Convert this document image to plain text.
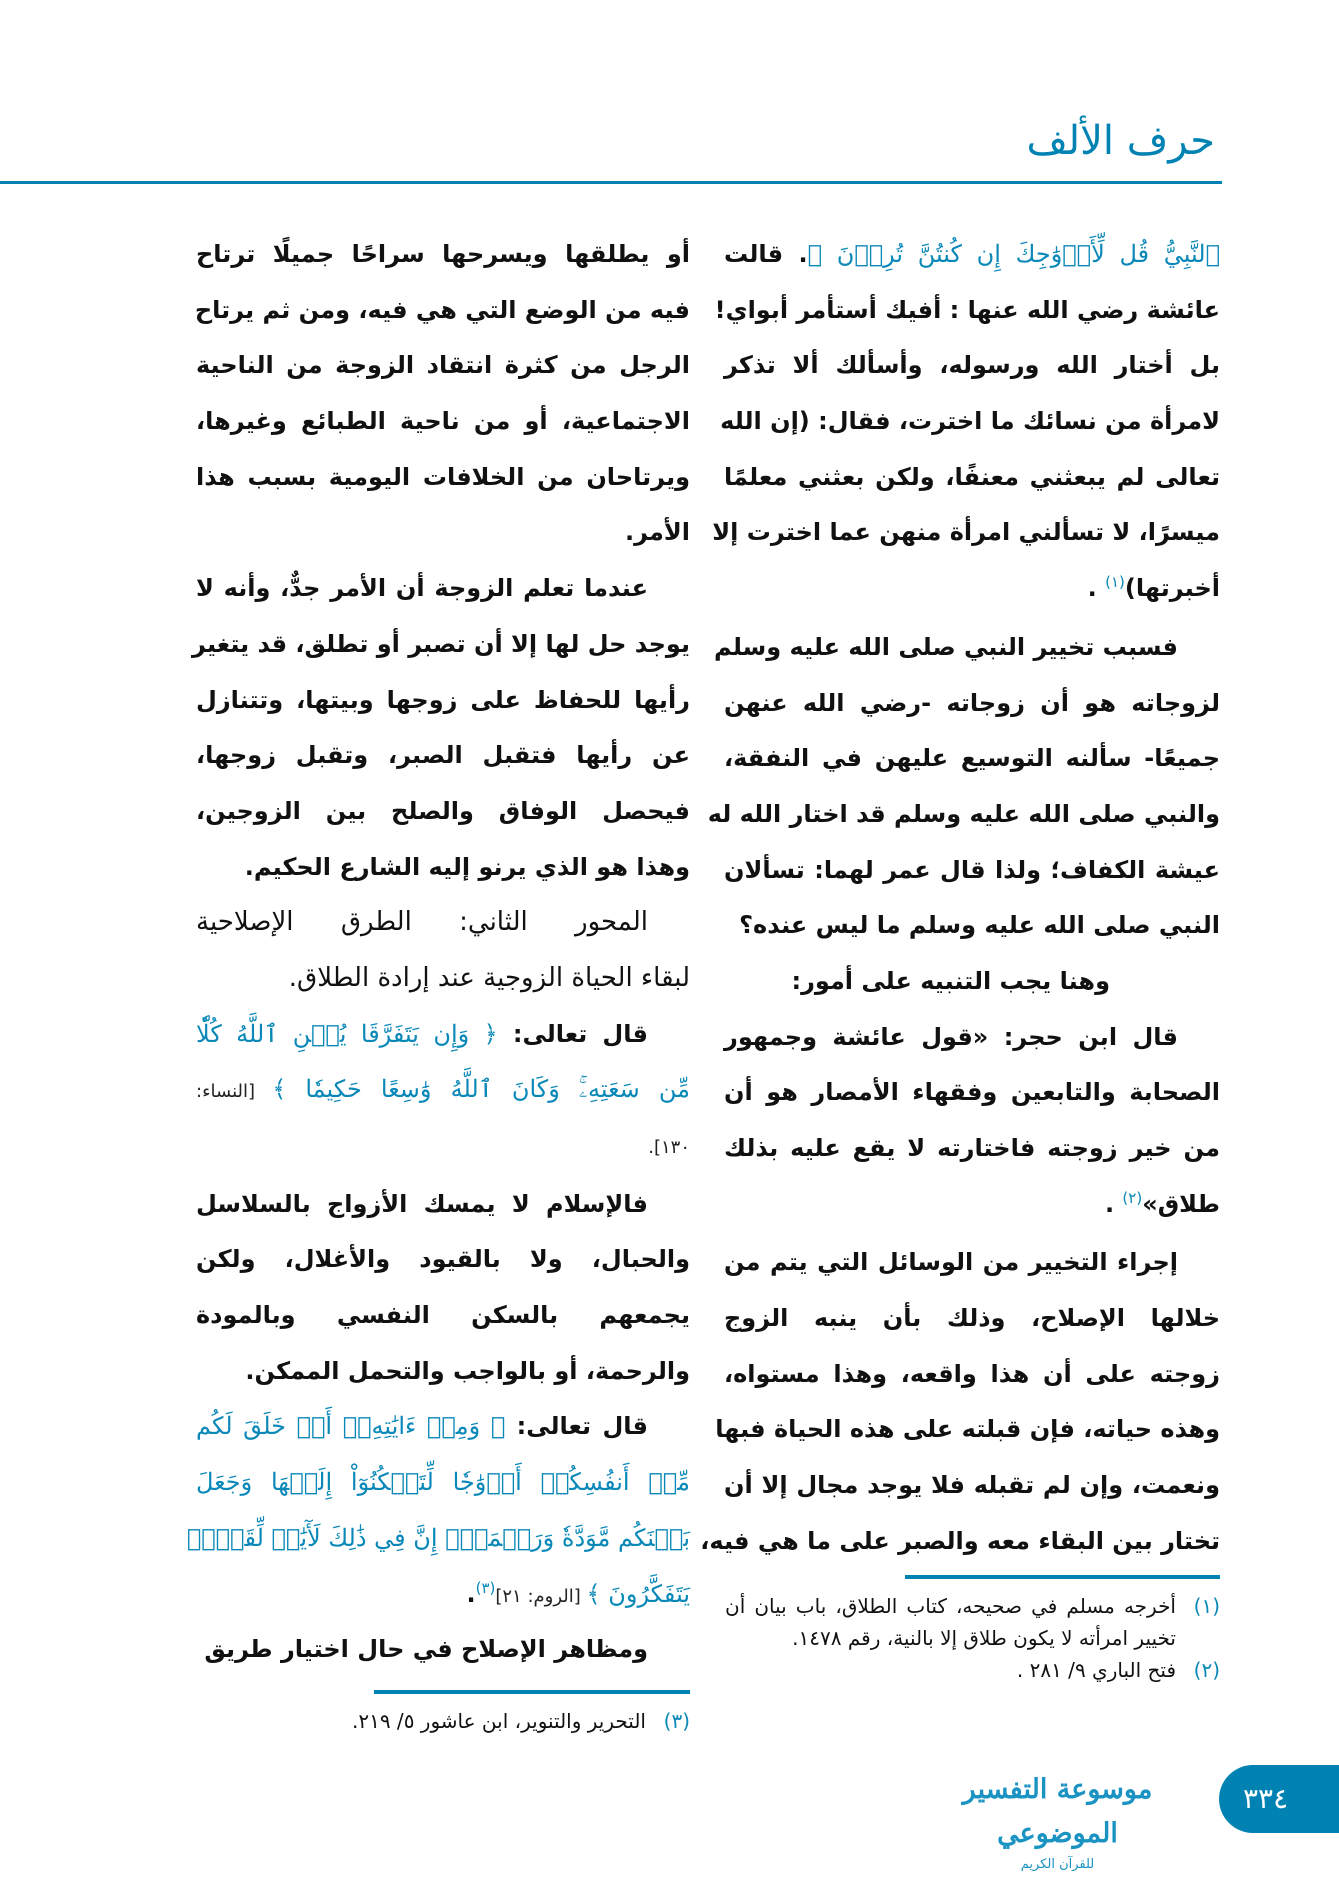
حرف الألف
ٱلنَّبِيُّ قُل لِّأَزۡوَٰجِكَ إِن كُنتُنَّ تُرِدۡنَ ﴾. قالت
عائشة رضي الله عنها : أفيك أستأمر أبواي!
بل أختار الله ورسوله، وأسألك ألا تذكر
لامرأة من نسائك ما اخترت، فقال: (إن الله
تعالى لم يبعثني معنفًا، ولكن بعثني معلمًا
ميسرًا، لا تسألني امرأة منهن عما اخترت إلا
أخبرتها)$^{(١)}$ .
فسبب تخيير النبي صلى الله عليه وسلم
لزوجاته هو أن زوجاته -رضي الله عنهن
جميعًا- سألنه التوسيع عليهن في النفقة،
والنبي صلى الله عليه وسلم قد اختار الله له
عيشة الكفاف؛ ولذا قال عمر لهما: تسألان
النبي صلى الله عليه وسلم ما ليس عنده؟
وهنا يجب التنبيه على أمور:
قال ابن حجر: «قول عائشة وجمهور
الصحابة والتابعين وفقهاء الأمصار هو أن
من خير زوجته فاختارته لا يقع عليه بذلك
طلاق»$^{(٢)}$ .
إجراء التخيير من الوسائل التي يتم من
خلالها الإصلاح، وذلك بأن ينبه الزوج
زوجته على أن هذا واقعه، وهذا مستواه،
وهذه حياته، فإن قبلته على هذه الحياة فبها
ونعمت، وإن لم تقبله فلا يوجد مجال إلا أن
تختار بين البقاء معه والصبر على ما هي فيه،
أو يطلقها ويسرحها سراحًا جميلًا ترتاح
فيه من الوضع التي هي فيه، ومن ثم يرتاح
الرجل من كثرة انتقاد الزوجة من الناحية
الاجتماعية، أو من ناحية الطبائع وغيرها،
ويرتاحان من الخلافات اليومية بسبب هذا
الأمر.
عندما تعلم الزوجة أن الأمر جدٌّ، وأنه لا
يوجد حل لها إلا أن تصبر أو تطلق، قد يتغير
رأيها للحفاظ على زوجها وبيتها، وتتنازل
عن رأيها فتقبل الصبر، وتقبل زوجها،
فيحصل الوفاق والصلح بين الزوجين،
وهذا هو الذي يرنو إليه الشارع الحكيم.
المحور الثاني: الطرق الإصلاحية
لبقاء الحياة الزوجية عند إرادة الطلاق.
قال تعالى: ﴿ وَإِن يَتَفَرَّقَا يُغۡنِ ٱللَّهُ كُلّٗا
مِّن سَعَتِهِۦۚ وَكَانَ ٱللَّهُ وَٰسِعًا حَكِيمٗا ﴾ [النساء:
١٣٠].
فالإسلام لا يمسك الأزواج بالسلاسل
والحبال، ولا بالقيود والأغلال، ولكن
يجمعهم بالسكن النفسي وبالمودة
والرحمة، أو بالواجب والتحمل الممكن.
قال تعالى: ﴿ وَمِنۡ ءَايَٰتِهِۦٓ أَنۡ خَلَقَ لَكُم
مِّنۡ أَنفُسِكُمۡ أَزۡوَٰجٗا لِّتَسۡكُنُوٓاْ إِلَيۡهَا وَجَعَلَ
بَيۡنَكُم مَّوَدَّةٗ وَرَحۡمَةًۚ إِنَّ فِي ذَٰلِكَ لَأٓيَٰتٖ لِّقَوۡمٖ
يَتَفَكَّرُونَ ﴾ [الروم: ٢١]$^{(٣)}$.
ومظاهر الإصلاح في حال اختيار طريق
(١)
أخرجه مسلم في صحيحه، كتاب الطلاق، باب بيان أن تخيير امرأته لا يكون طلاق إلا بالنية، رقم ١٤٧٨.
(٢)
فتح الباري ٩/ ٢٨١ .
(٣)
التحرير والتنوير، ابن عاشور ٥/ ٢١٩.
موسوعة التفسير الموضوعي
للقرآن الكريم
٣٣٤
